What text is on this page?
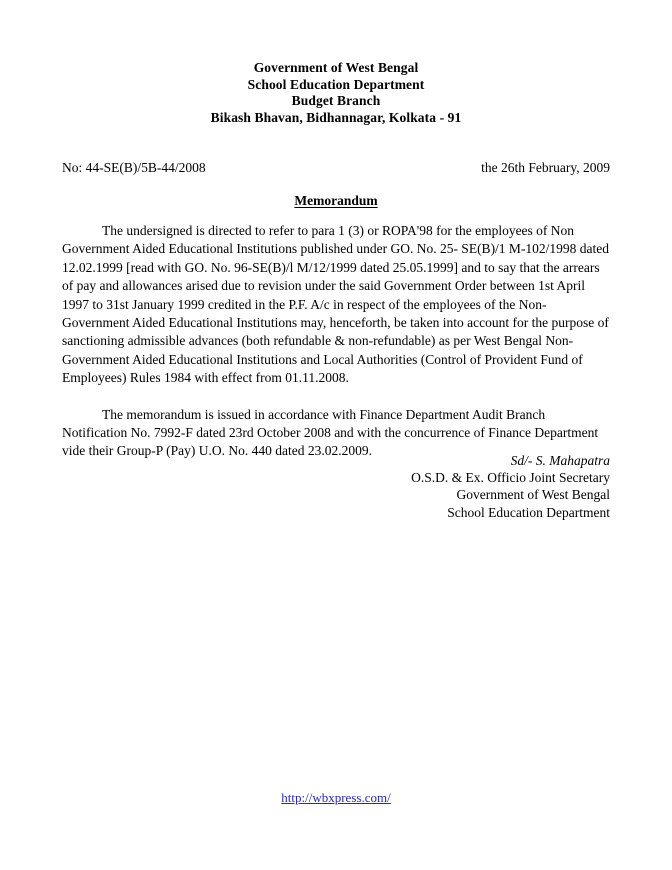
Government of West Bengal
School Education Department
Budget Branch
Bikash Bhavan, Bidhannagar, Kolkata - 91
No: 44-SE(B)/5B-44/2008	the 26th February, 2009
Memorandum

The undersigned is directed to refer to para 1 (3) or ROPA'98 for the employees of Non Government Aided Educational Institutions published under GO. No. 25- SE(B)/1 M-102/1998 dated 12.02.1999 [read with GO. No. 96-SE(B)/l M/12/1999 dated 25.05.1999] and to say that the arrears of pay and allowances arised due to revision under the said Government Order between 1st April 1997 to 31st January 1999 credited in the P.F. A/c in respect of the employees of the Non-Government Aided Educational Institutions may, henceforth, be taken into account for the purpose of sanctioning admissible advances (both refundable & non-refundable) as per West Bengal Non-Government Aided Educational Institutions and Local Authorities (Control of Provident Fund of Employees) Rules 1984 with effect from 01.11.2008.

The memorandum is issued in accordance with Finance Department Audit Branch Notification No. 7992-F dated 23rd October 2008 and with the concurrence of Finance Department vide their Group-P (Pay) U.O. No. 440 dated 23.02.2009.

Sd/- S. Mahapatra
O.S.D. & Ex. Officio Joint Secretary
Government of West Bengal
School Education Department
http://wbxpress.com/
